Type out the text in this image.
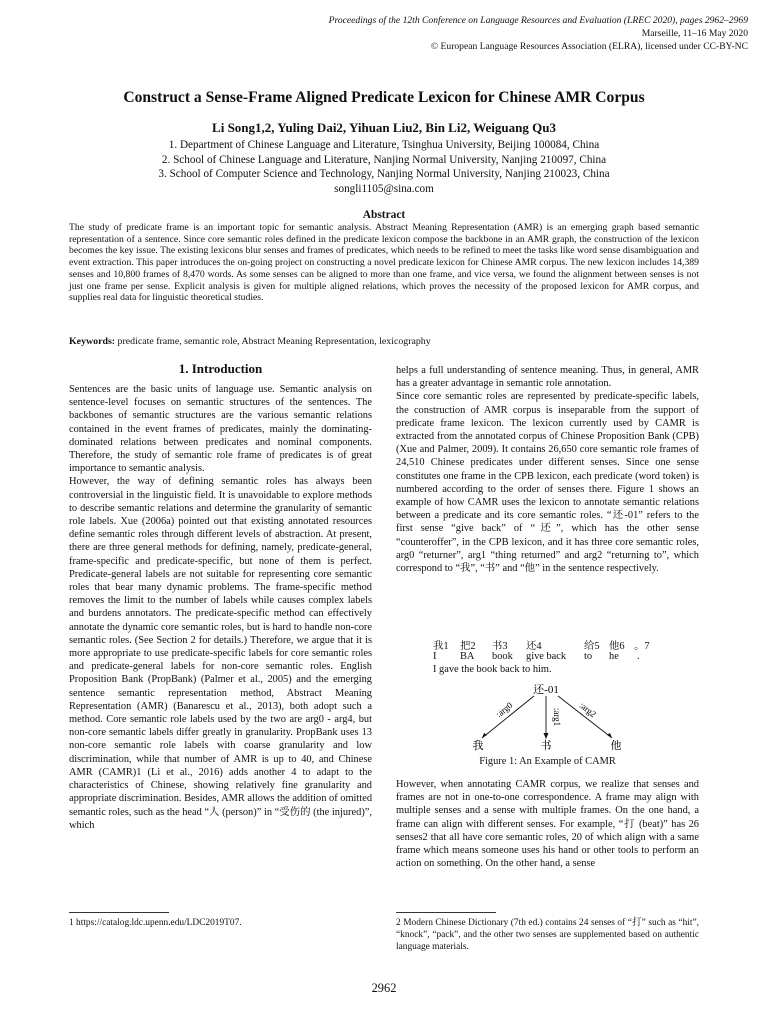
Proceedings of the 12th Conference on Language Resources and Evaluation (LREC 2020), pages 2962–2969
Marseille, 11–16 May 2020
© European Language Resources Association (ELRA), licensed under CC-BY-NC
Construct a Sense-Frame Aligned Predicate Lexicon for Chinese AMR Corpus
Li Song1,2, Yuling Dai2, Yihuan Liu2, Bin Li2, Weiguang Qu3
1. Department of Chinese Language and Literature, Tsinghua University, Beijing 100084, China
2. School of Chinese Language and Literature, Nanjing Normal University, Nanjing 210097, China
3. School of Computer Science and Technology, Nanjing Normal University, Nanjing 210023, China
songli1105@sina.com
Abstract

The study of predicate frame is an important topic for semantic analysis. Abstract Meaning Representation (AMR) is an emerging graph based semantic representation of a sentence. Since core semantic roles defined in the predicate lexicon compose the backbone in an AMR graph, the construction of the lexicon becomes the key issue. The existing lexicons blur senses and frames of predicates, which needs to be refined to meet the tasks like word sense disambiguation and event extraction. This paper introduces the on-going project on constructing a novel predicate lexicon for Chinese AMR corpus. The new lexicon includes 14,389 senses and 10,800 frames of 8,470 words. As some senses can be aligned to more than one frame, and vice versa, we found the alignment between senses is not just one frame per sense. Explicit analysis is given for multiple aligned relations, which proves the necessity of the proposed lexicon for AMR corpus, and supplies real data for linguistic theoretical studies.

Keywords: predicate frame, semantic role, Abstract Meaning Representation, lexicography
1. Introduction

Sentences are the basic units of language use. Semantic analysis on sentence-level focuses on semantic structures of the sentences. The backbones of semantic structures are the various semantic relations contained in the event frames of predicates, mainly the dominating-dominated relations between predicates and nominal components. Therefore, the study of semantic role frame of predicates is of great importance to semantic analysis.

However, the way of defining semantic roles has always been controversial in the linguistic field. It is unavoidable to explore methods to describe semantic relations and determine the granularity of semantic role labels. Xue (2006a) pointed out that existing annotated resources define semantic roles through different levels of abstraction. At present, there are three general methods for defining, namely, predicate-general, frame-specific and predicate-specific, but none of them is perfect. Predicate-general labels are not suitable for representing core semantic roles that bear many dynamic problems. The frame-specific method removes the limit to the number of labels while causes complex labels and burdens annotators. The predicate-specific method can effectively annotate the dynamic core semantic roles, but is hard to handle non-core semantic roles. (See Section 2 for details.) Therefore, we argue that it is more appropriate to use predicate-specific labels for core semantic roles and predicate-general labels for non-core semantic roles. English Proposition Bank (PropBank) (Palmer et al., 2005) and the emerging sentence semantic representation method, Abstract Meaning Representation (AMR) (Banarescu et al., 2013), both adopt such a method. Core semantic role labels used by the two are arg0 - arg4, but non-core semantic labels differ greatly in granularity. PropBank uses 13 non-core semantic role labels with coarse granularity and low discrimination, while that number of AMR is up to 40, and Chinese AMR (CAMR)1 (Li et al., 2016) adds another 4 to adapt to the characteristics of Chinese, showing relatively fine granularity and appropriate discrimination. Besides, AMR allows the addition of omitted semantic roles, such as the head “人 (person)” in “受伤的 (the injured)”, which

helps a full understanding of sentence meaning. Thus, in general, AMR has a greater advantage in semantic role annotation.

Since core semantic roles are represented by predicate-specific labels, the construction of AMR corpus is inseparable from the support of predicate frame lexicon. The lexicon currently used by CAMR is extracted from the annotated corpus of Chinese Proposition Bank (CPB) (Xue and Palmer, 2009). It contains 26,650 core semantic role frames of 24,510 Chinese predicates under different senses. Since one sense constitutes one frame in the CPB lexicon, each predicate (word token) is numbered according to the order of senses there. Figure 1 shows an example of how CAMR uses the lexicon to annotate semantic relations between a predicate and its core semantic roles. “还-01” refers to the first sense “give back” of “还”, which has the other sense “counteroffer”, in the CPB lexicon, and it has three core semantic roles, arg0 “returner”, arg1 “thing returned” and arg2 “returning to”, which correspond to “我”, “书” and “他” in the sentence respectively.

我1 把2 书3 还4	给5 他6 。7
I BA book give back to he .
I gave the book back to him.
还-01
:arg0	:arg1 :arg2
我	书	他
Figure 1: An Example of CAMR

However, when annotating CAMR corpus, we realize that senses and frames are not in one-to-one correspondence. A frame may align with multiple senses and a sense with multiple frames. On the one hand, a frame can align with different senses. For example, “打 (beat)” has 26 senses2 that all have core semantic roles, 20 of which align with a same frame which means someone uses his hand or other tools to perform an action on something. On the other hand, a sense

1 https://catalog.ldc.upenn.edu/LDC2019T07.	2 Modern Chinese Dictionary (7th ed.) contains 24 senses of “打” such as “hit”, “knock”, “pack”, and the other two senses are supplemented based on authentic language materials.
2962
